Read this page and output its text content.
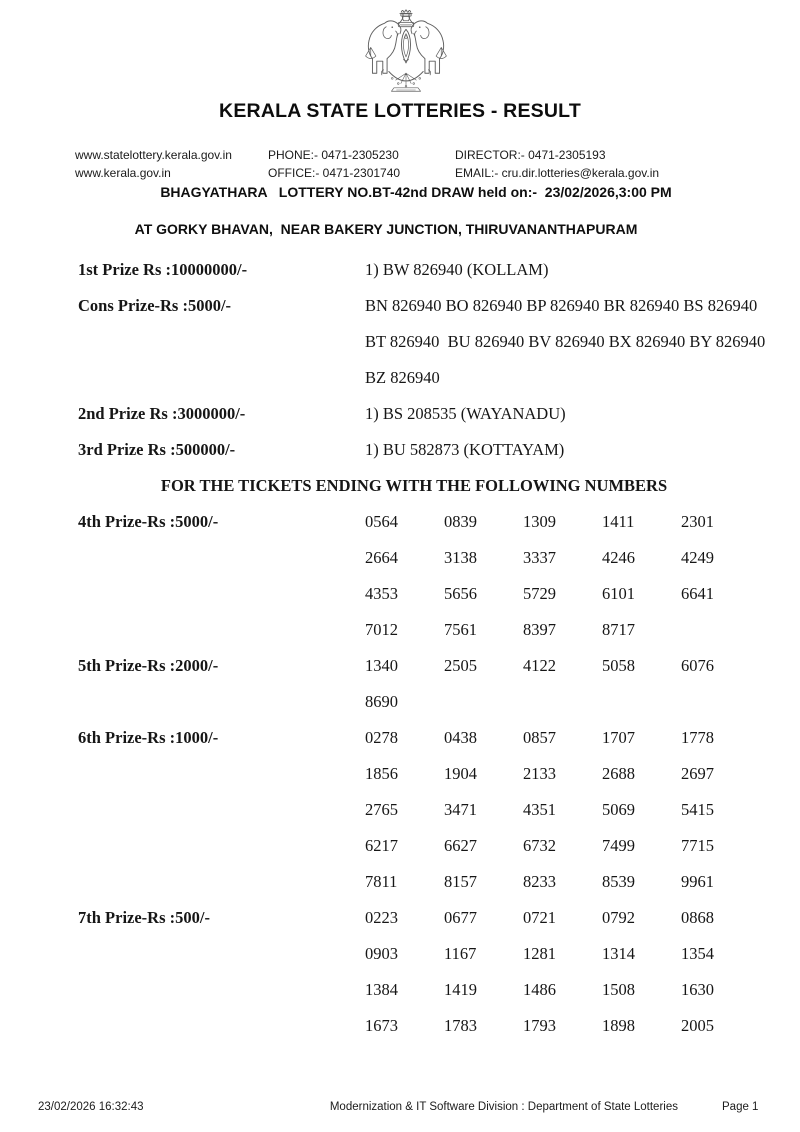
KERALA STATE LOTTERIES - RESULT
www.statelottery.kerala.gov.in	PHONE:- 0471-2305230	DIRECTOR:- 0471-2305193
www.kerala.gov.in	OFFICE:- 0471-2301740	EMAIL:- cru.dir.lotteries@kerala.gov.in
BHAGYATHARA   LOTTERY NO.BT-42nd DRAW held on:-  23/02/2026,3:00 PM
AT GORKY BHAVAN,  NEAR BAKERY JUNCTION, THIRUVANANTHAPURAM
1st Prize Rs :10000000/-	1) BW 826940 (KOLLAM)
Cons Prize-Rs :5000/-	BN 826940 BO 826940 BP 826940 BR 826940 BS 826940
BT 826940  BU 826940 BV 826940 BX 826940 BY 826940
BZ 826940
2nd Prize Rs :3000000/-	1) BS 208535 (WAYANADU)
3rd Prize Rs :500000/-	1) BU 582873 (KOTTAYAM)
FOR THE TICKETS ENDING WITH THE FOLLOWING NUMBERS
4th Prize-Rs :5000/-	0564	0839	1309	1411	2301
2664	3138	3337	4246	4249
4353	5656	5729	6101	6641
7012	7561	8397	8717
5th Prize-Rs :2000/-	1340	2505	4122	5058	6076
8690
6th Prize-Rs :1000/-	0278	0438	0857	1707	1778
1856	1904	2133	2688	2697
2765	3471	4351	5069	5415
6217	6627	6732	7499	7715
7811	8157	8233	8539	9961
7th Prize-Rs :500/-	0223	0677	0721	0792	0868
0903	1167	1281	1314	1354
1384	1419	1486	1508	1630
1673	1783	1793	1898	2005
23/02/2026 16:32:43	Modernization & IT Software Division : Department of State Lotteries	Page 1
